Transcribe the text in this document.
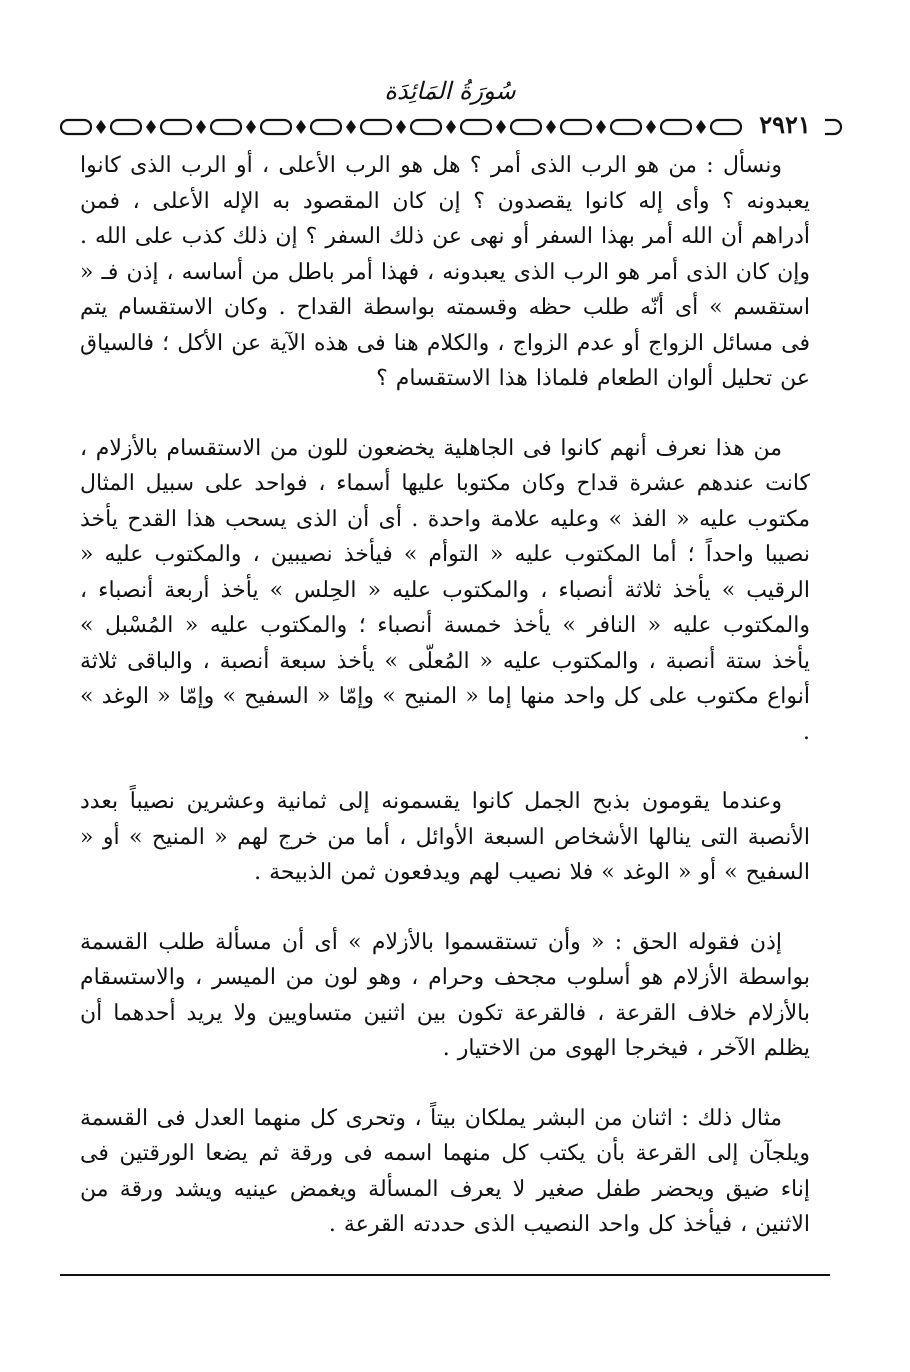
سُورَةُ المَائِدَة
٢٩٢١

ونسأل : من هو الرب الذى أمر ؟ هل هو الرب الأعلى ، أو الرب الذى كانوا يعبدونه ؟ وأى إله كانوا يقصدون ؟ إن كان المقصود به الإله الأعلى ، فمن أدراهم أن الله أمر بهذا السفر أو نهى عن ذلك السفر ؟ إن ذلك كذب على الله . وإن كان الذى أمر هو الرب الذى يعبدونه ، فهذا أمر باطل من أساسه ، إذن فـ « استقسم » أى أنّه طلب حظه وقسمته بواسطة القداح . وكان الاستقسام يتم فى مسائل الزواج أو عدم الزواج ، والكلام هنا فى هذه الآية عن الأكل ؛ فالسياق عن تحليل ألوان الطعام فلماذا هذا الاستقسام ؟

من هذا نعرف أنهم كانوا فى الجاهلية يخضعون للون من الاستقسام بالأزلام ، كانت عندهم عشرة قداح وكان مكتوبا عليها أسماء ، فواحد على سبيل المثال مكتوب عليه « الفذ » وعليه علامة واحدة . أى أن الذى يسحب هذا القدح يأخذ نصيبا واحداً ؛ أما المكتوب عليه « التوأم » فيأخذ نصيبين ، والمكتوب عليه « الرقيب » يأخذ ثلاثة أنصباء ، والمكتوب عليه « الحِلس » يأخذ أربعة أنصباء ، والمكتوب عليه « النافر » يأخذ خمسة أنصباء ؛ والمكتوب عليه « المُسْبل » يأخذ ستة أنصبة ، والمكتوب عليه « المُعلّى » يأخذ سبعة أنصبة ، والباقى ثلاثة أنواع مكتوب على كل واحد منها إما « المنيح » وإمّا « السفيح » وإمّا « الوغد » .

وعندما يقومون بذبح الجمل كانوا يقسمونه إلى ثمانية وعشرين نصيباً بعدد الأنصبة التى ينالها الأشخاص السبعة الأوائل ، أما من خرج لهم « المنيح » أو « السفيح » أو « الوغد » فلا نصيب لهم ويدفعون ثمن الذبيحة .

إذن فقوله الحق : « وأن تستقسموا بالأزلام » أى أن مسألة طلب القسمة بواسطة الأزلام هو أسلوب مجحف وحرام ، وهو لون من الميسر ، والاستسقام بالأزلام خلاف القرعة ، فالقرعة تكون بين اثنين متساويين ولا يريد أحدهما أن يظلم الآخر ، فيخرجا الهوى من الاختيار .

مثال ذلك : اثنان من البشر يملكان بيتاً ، وتحرى كل منهما العدل فى القسمة ويلجآن إلى القرعة بأن يكتب كل منهما اسمه فى ورقة ثم يضعا الورقتين فى إناء ضيق ويحضر طفل صغير لا يعرف المسألة ويغمض عينيه ويشد ورقة من الاثنين ، فيأخذ كل واحد النصيب الذى حددته القرعة .
